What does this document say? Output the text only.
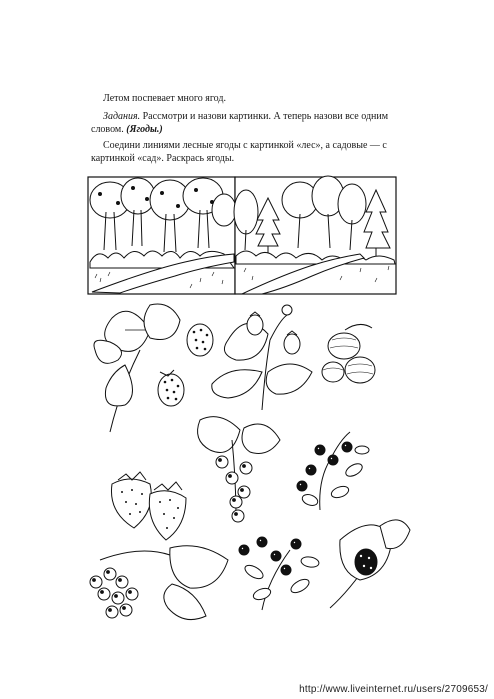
Летом поспевает много ягод.

Задания. Рассмотри и назови картинки. А теперь назови все одним словом. (Ягоды.)

Соедини линиями лесные ягоды с картинкой «лес», а садовые — с картинкой «сад». Раскрась ягоды.

http://www.liveinternet.ru/users/2709653/
